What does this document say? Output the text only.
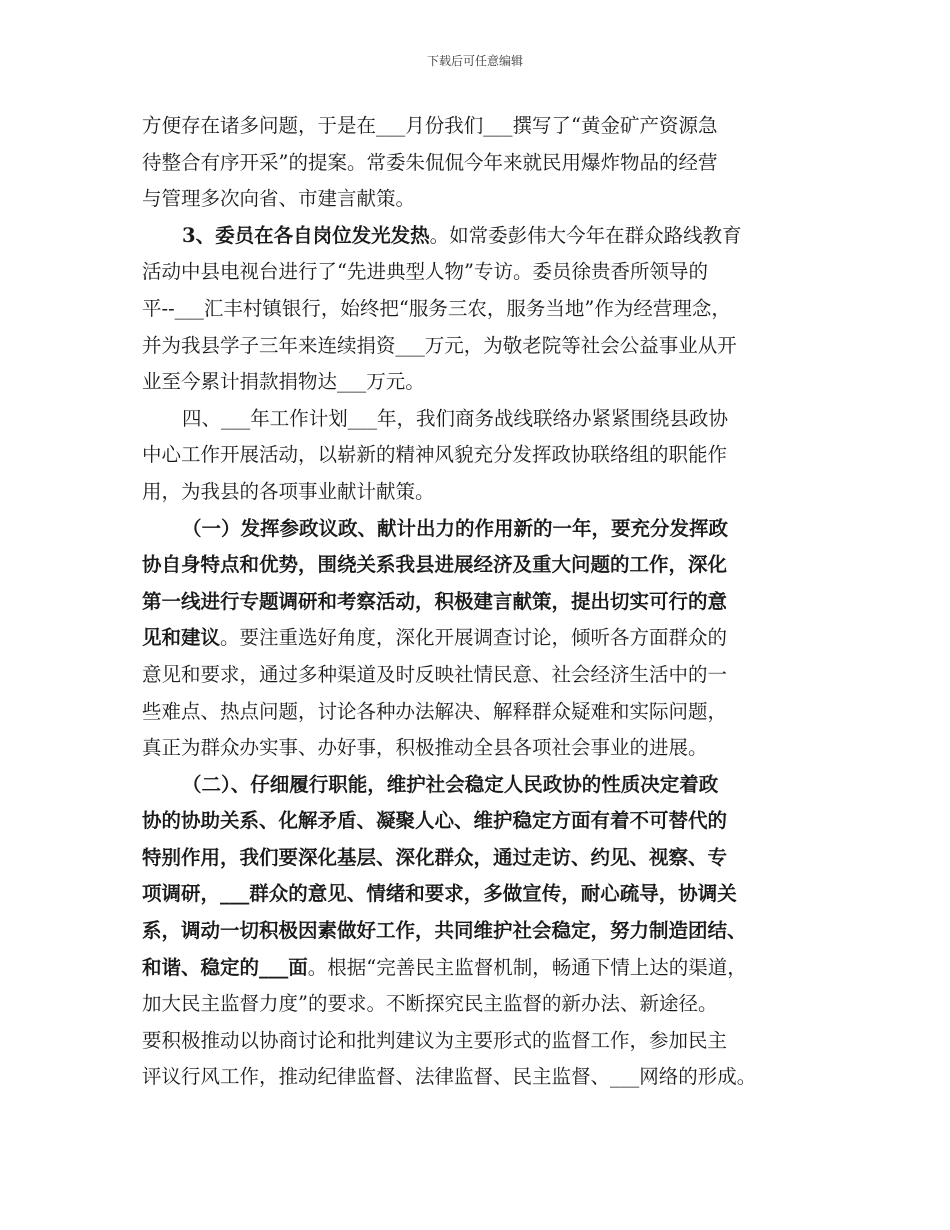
下载后可任意编辑
方便存在诸多问题，于是在___月份我们___撰写了“黄金矿产资源急
待整合有序开采”的提案。常委朱侃侃今年来就民用爆炸物品的经营
与管理多次向省、市建言献策。
3、委员在各自岗位发光发热。如常委彭伟大今年在群众路线教育
活动中县电视台进行了“先进典型人物”专访。委员徐贵香所领导的
平--___汇丰村镇银行，始终把“服务三农，服务当地”作为经营理念，
并为我县学子三年来连续捐资___万元，为敬老院等社会公益事业从开
业至今累计捐款捐物达___万元。
四、___年工作计划___年，我们商务战线联络办紧紧围绕县政协
中心工作开展活动，以崭新的精神风貌充分发挥政协联络组的职能作
用，为我县的各项事业献计献策。
（一）发挥参政议政、献计出力的作用新的一年，要充分发挥政
协自身特点和优势，围绕关系我县进展经济及重大问题的工作，深化
第一线进行专题调研和考察活动，积极建言献策，提出切实可行的意
见和建议。要注重选好角度，深化开展调查讨论，倾听各方面群众的
意见和要求，通过多种渠道及时反映社情民意、社会经济生活中的一
些难点、热点问题，讨论各种办法解决、解释群众疑难和实际问题，
真正为群众办实事、办好事，积极推动全县各项社会事业的进展。
（二）、仔细履行职能，维护社会稳定人民政协的性质决定着政
协的协助关系、化解矛盾、凝聚人心、维护稳定方面有着不可替代的
特别作用，我们要深化基层、深化群众，通过走访、约见、视察、专
项调研，___群众的意见、情绪和要求，多做宣传，耐心疏导，协调关
系，调动一切积极因素做好工作，共同维护社会稳定，努力制造团结、
和谐、稳定的___面。根据“完善民主监督机制，畅通下情上达的渠道，
加大民主监督力度”的要求。不断探究民主监督的新办法、新途径。
要积极推动以协商讨论和批判建议为主要形式的监督工作，参加民主
评议行风工作，推动纪律监督、法律监督、民主监督、___网络的形成。
